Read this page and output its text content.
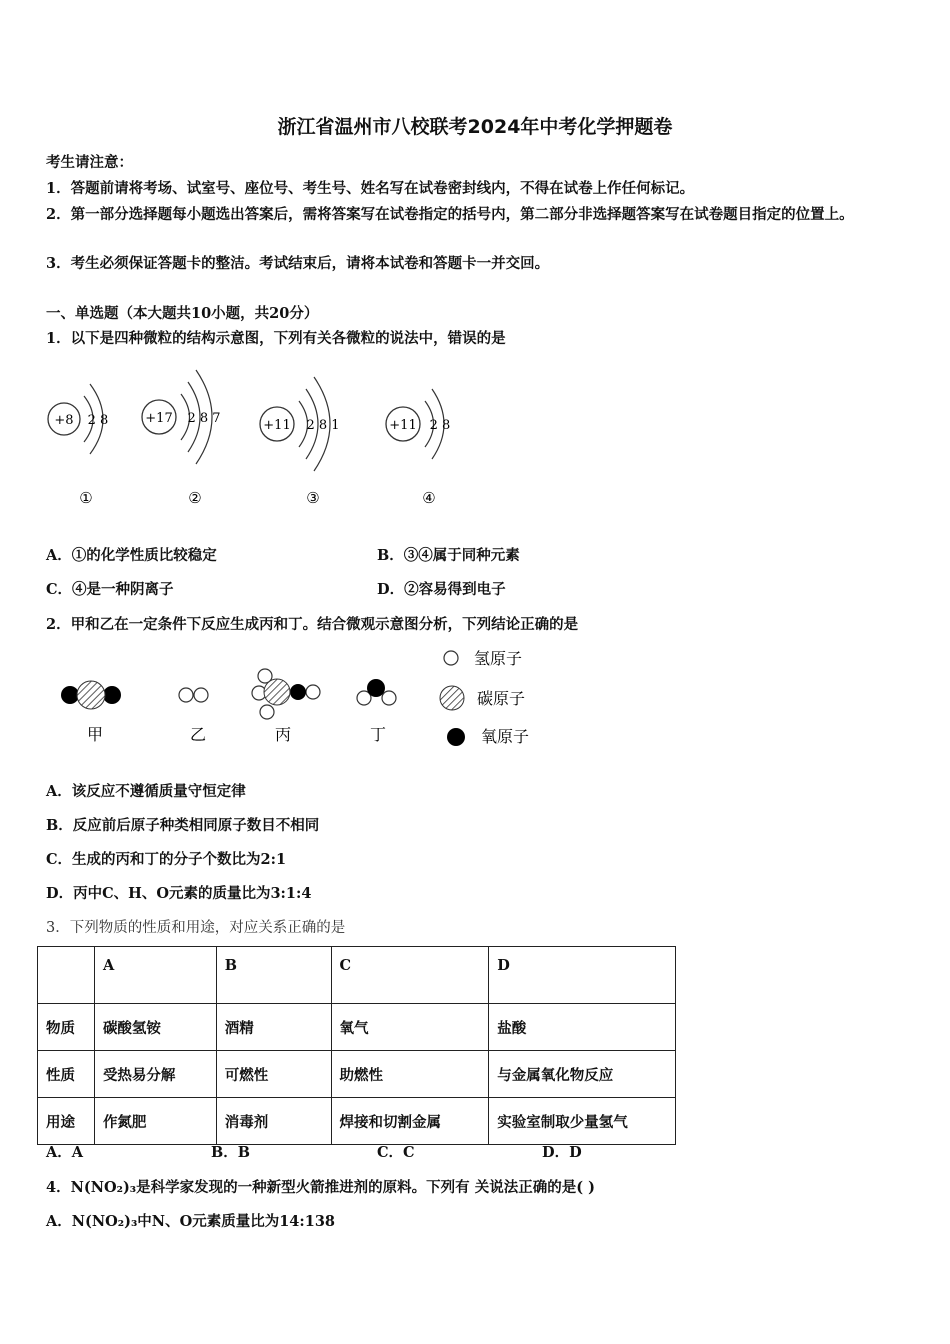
浙江省温州市八校联考2024年中考化学押题卷
考生请注意：
1．答题前请将考场、试室号、座位号、考生号、姓名写在试卷密封线内，不得在试卷上作任何标记。
2．第一部分选择题每小题选出答案后，需将答案写在试卷指定的括号内，第二部分非选择题答案写在试卷题目指定的位置上。
3．考生必须保证答题卡的整洁。考试结束后，请将本试卷和答题卡一并交回。
一、单选题（本大题共10小题，共20分）
1．以下是四种微粒的结构示意图，下列有关各微粒的说法中，错误的是
+8 2 8
①
+17 2 8 7
②
+11 2 8 1
③
+11 2 8
④
A．①的化学性质比较稳定	B．③④属于同种元素
C．④是一种阴离子	D．②容易得到电子
2．甲和乙在一定条件下反应生成丙和丁。结合微观示意图分析，下列结论正确的是
甲	乙	丙	丁
氢原子
碳原子
氧原子
A．该反应不遵循质量守恒定律
B．反应前后原子种类相同原子数目不相同
C．生成的丙和丁的分子个数比为2:1
D．丙中C、H、O元素的质量比为3:1:4
3．下列物质的性质和用途，对应关系正确的是
	A	B	C	D
物质	碳酸氢铵	酒精	氧气	盐酸
性质	受热易分解	可燃性	助燃性	与金属氧化物反应
用途	作氮肥	消毒剂	焊接和切割金属	实验室制取少量氢气
A．A	B．B	C．C	D．D
4．N(NO₂)₃是科学家发现的一种新型火箭推进剂的原料。下列有 关说法正确的是( )
A．N(NO₂)₃中N、O元素质量比为14:138
